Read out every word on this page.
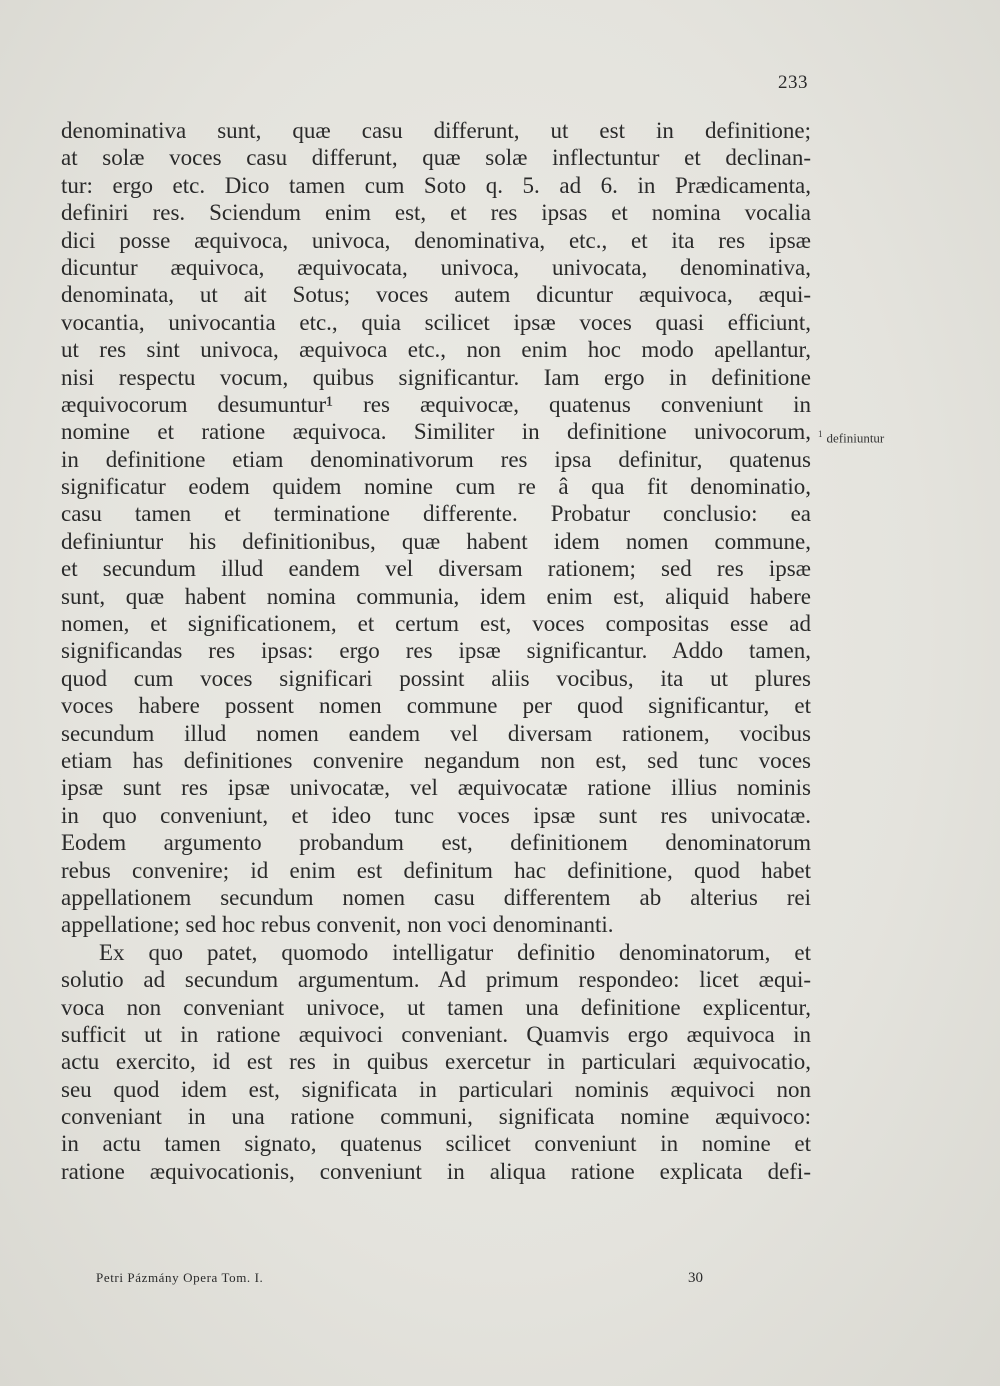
233
denominativa sunt, quæ casu differunt, ut est in definitione;
at solæ voces casu differunt, quæ solæ inflectuntur et declinan-
tur: ergo etc. Dico tamen cum Soto q. 5. ad 6. in Prædicamenta,
definiri res. Sciendum enim est, et res ipsas et nomina vocalia
dici posse æquivoca, univoca, denominativa, etc., et ita res ipsæ
dicuntur æquivoca, æquivocata, univoca, univocata, denominativa,
denominata, ut ait Sotus; voces autem dicuntur æquivoca, æqui-
vocantia, univocantia etc., quia scilicet ipsæ voces quasi efficiunt,
ut res sint univoca, æquivoca etc., non enim hoc modo apellantur,
nisi respectu vocum, quibus significantur. Iam ergo in definitione
æquivocorum desumuntur¹ res æquivocæ, quatenus conveniunt in
nomine et ratione æquivoca. Similiter in definitione univocorum,
in definitione etiam denominativorum res ipsa definitur, quatenus
significatur eodem quidem nomine cum re â qua fit denominatio,
casu tamen et terminatione differente. Probatur conclusio: ea
definiuntur his definitionibus, quæ habent idem nomen commune,
et secundum illud eandem vel diversam rationem; sed res ipsæ
sunt, quæ habent nomina communia, idem enim est, aliquid habere
nomen, et significationem, et certum est, voces compositas esse ad
significandas res ipsas: ergo res ipsæ significantur. Addo tamen,
quod cum voces significari possint aliis vocibus, ita ut plures
voces habere possent nomen commune per quod significantur, et
secundum illud nomen eandem vel diversam rationem, vocibus
etiam has definitiones convenire negandum non est, sed tunc voces
ipsæ sunt res ipsæ univocatæ, vel æquivocatæ ratione illius nominis
in quo conveniunt, et ideo tunc voces ipsæ sunt res univocatæ.
Eodem argumento probandum est, definitionem denominatorum
rebus convenire; id enim est definitum hac definitione, quod habet
appellationem secundum nomen casu differentem ab alterius rei
appellatione; sed hoc rebus convenit, non voci denominanti.
Ex quo patet, quomodo intelligatur definitio denominatorum, et
solutio ad secundum argumentum. Ad primum respondeo: licet æqui-
voca non conveniant univoce, ut tamen una definitione explicentur,
sufficit ut in ratione æquivoci conveniant. Quamvis ergo æquivoca in
actu exercito, id est res in quibus exercetur in particulari æquivocatio,
seu quod idem est, significata in particulari nominis æquivoci non
conveniant in una ratione communi, significata nomine æquivoco:
in actu tamen signato, quatenus scilicet conveniunt in nomine et
ratione æquivocationis, conveniunt in aliqua ratione explicata defi-
$^1$ definiuntur
Petri Pázmány Opera Tom. I.	30
